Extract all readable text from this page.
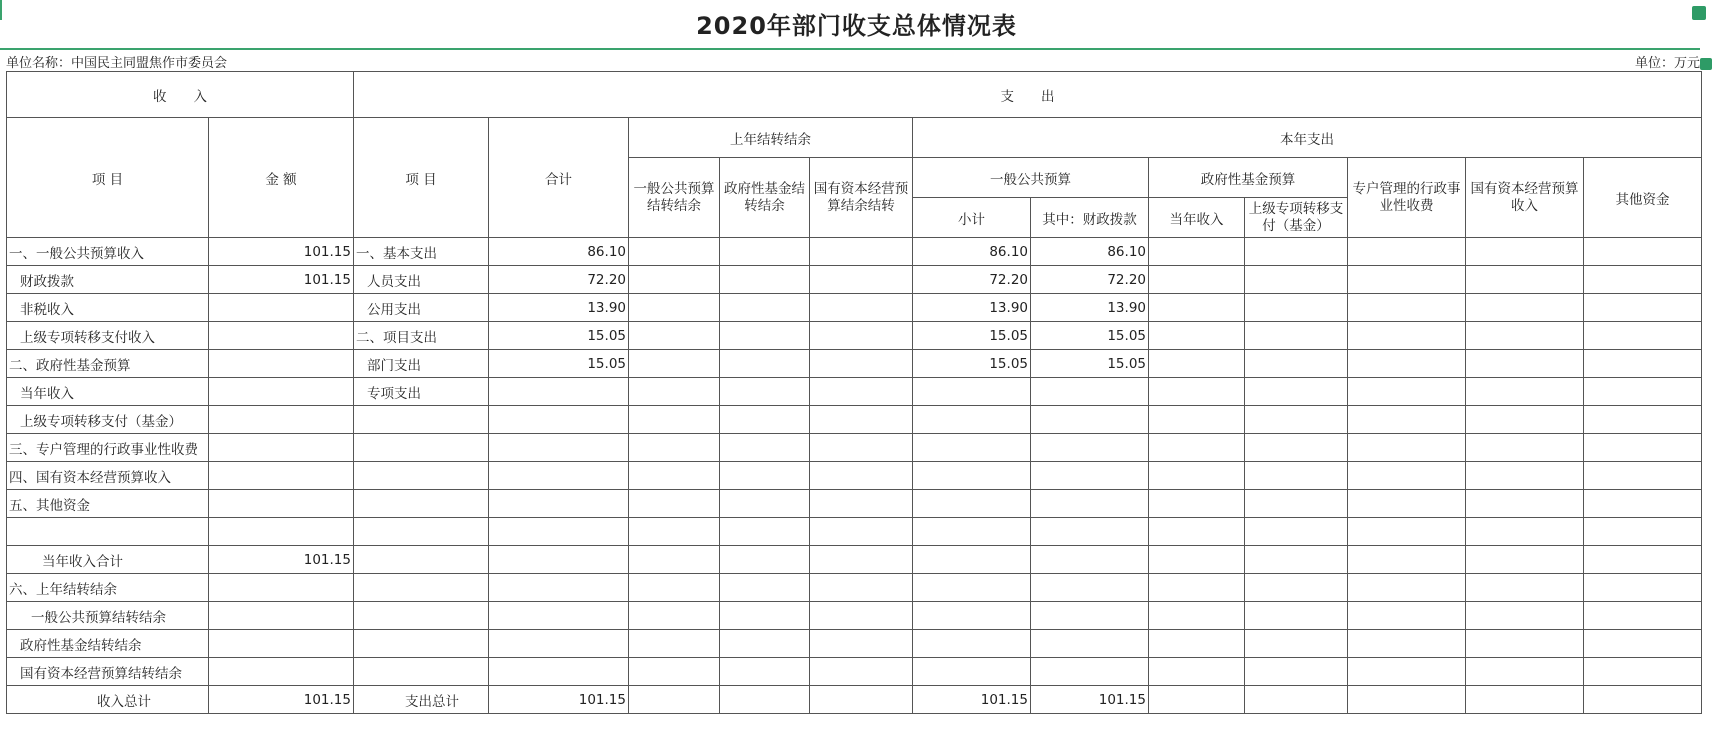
2020年部门收支总体情况表
单位名称：中国民主同盟焦作市委员会	单位：万元
收　　入		支　　出											
项 目	金 额	项 目	合计	上年结转结余			本年支出						
				一般公共预算结转结余	政府性基金结转结余	国有资本经营预算结余结转	一般公共预算		政府性基金预算		专户管理的行政事业性收费	国有资本经营预算收入	其他资金
							小计	其中：财政拨款	当年收入	上级专项转移支付（基金）			
一、一般公共预算收入	101.15	一、基本支出	86.10				86.10	86.10					
财政拨款	101.15	人员支出	72.20				72.20	72.20					
非税收入		公用支出	13.90				13.90	13.90					
上级专项转移支付收入		二、项目支出	15.05				15.05	15.05					
二、政府性基金预算		部门支出	15.05				15.05	15.05					
当年收入		专项支出											
上级专项转移支付（基金）													
三、专户管理的行政事业性收费													
四、国有资本经营预算收入													
五、其他资金													

当年收入合计	101.15												
六、上年结转结余													
一般公共预算结转结余													
政府性基金结转结余													
国有资本经营预算结转结余													
收入总计	101.15	支出总计	101.15				101.15	101.15					
